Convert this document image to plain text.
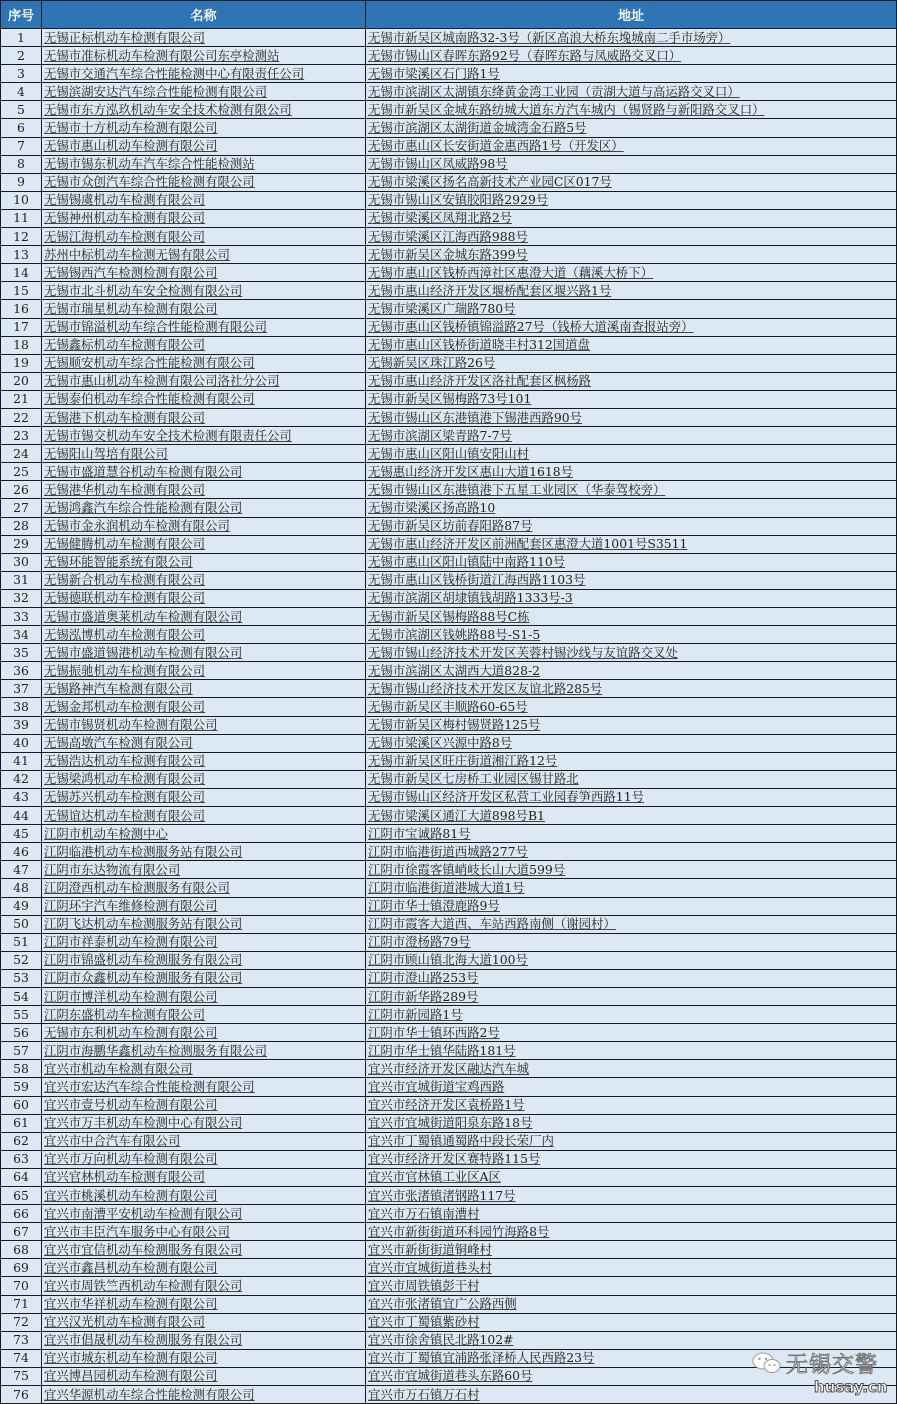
序号	名称	地址
1	无锡正标机动车检测有限公司	无锡市新吴区城南路32-3号（新区高浪大桥东堍城南二手市场旁）
2	无锡市准标机动车检测有限公司东亭检测站	无锡市锡山区春晖东路92号（春晖东路与凤威路交叉口）
3	无锡市交通汽车综合性能检测中心有限责任公司	无锡市梁溪区石门路1号
4	无锡滨湖安达汽车综合性能检测有限公司	无锡市滨湖区太湖镇东绛黄金湾工业园（贡湖大道与高运路交叉口）
5	无锡市东方泓玖机动车安全技术检测有限公司	无锡市新吴区金城东路纺城大道东方汽车城内（锡贤路与新阳路交叉口）
6	无锡市十方机动车检测有限公司	无锡市滨湖区太湖街道金城湾金石路5号
7	无锡市惠山机动车检测有限公司	无锡市惠山区长安街道金惠西路1号（开发区）
8	无锡市锡东机动车汽车综合性能检测站	无锡市锡山区凤威路98号
9	无锡市众创汽车综合性能检测有限公司	无锡市梁溪区扬名高新技术产业园C区017号
10	无锡锡虞机动车检测有限公司	无锡市锡山区安镇胶阳路2929号
11	无锡神州机动车检测有限公司	无锡市梁溪区凤翔北路2号
12	无锡江海机动车检测有限公司	无锡市梁溪区江海西路988号
13	苏州中标机动车检测无锡有限公司	无锡市新吴区金城东路399号
14	无锡锡西汽车检测检测有限公司	无锡市惠山区钱桥西漳社区惠澄大道（藕溪大桥下）
15	无锡市北斗机动车安全检测有限公司	无锡市惠山经济开发区堰桥配套区堰兴路1号
16	无锡市瑞星机动车检测有限公司	无锡市梁溪区广瑞路780号
17	无锡市锦溢机动车综合性能检测有限公司	无锡市惠山区钱桥镇锦溢路27号（钱桥大道溪南查报站旁）
18	无锡鑫标机动车检测有限公司	无锡市惠山区钱桥街道晓丰村312国道盘
19	无锡顺安机动车综合性能检测有限公司	无锡新吴区珠江路26号
20	无锡市惠山机动车检测有限公司洛社分公司	无锡市惠山经济开发区洛社配套区枫杨路
21	无锡泰伯机动车综合性能检测有限公司	无锡市新吴区锡梅路73号101
22	无锡港下机动车检测有限公司	无锡市锡山区东港镇港下锡港西路90号
23	无锡市锡交机动车安全技术检测有限责任公司	无锡市滨湖区梁青路7-7号
24	无锡阳山驾培有限公司	无锡市惠山区阳山镇安阳山村
25	无锡市盛道慧谷机动车检测有限公司	无锡惠山经济开发区惠山大道1618号
26	无锡港华机动车检测有限公司	无锡市锡山区东港镇港下五星工业园区（华泰驾校旁）
27	无锡鸿鑫汽车综合性能检测有限公司	无锡市梁溪区扬高路10
28	无锡市金永润机动车检测有限公司	无锡市新吴区坊前春阳路87号
29	无锡健腾机动车检测有限公司	无锡市惠山经济开发区前洲配套区惠澄大道1001号S3511
30	无锡环能智能系统有限公司	无锡市惠山区阳山镇陆中南路110号
31	无锡新合机动车检测有限公司	无锡市惠山区钱桥街道江海西路1103号
32	无锡德联机动车检测有限公司	无锡市滨湖区胡埭镇钱胡路1333号-3
33	无锡市盛道奥莱机动车检测有限公司	无锡市新吴区锡梅路88号C栋
34	无锡泓博机动车检测有限公司	无锡市滨湖区钱姚路88号-S1-5
35	无锡市盛道锡港机动车检测有限公司	无锡市锡山经济技术开发区芙蓉村锡沙线与友谊路交叉处
36	无锡振驰机动车检测有限公司	无锡市滨湖区太湖西大道828-2
37	无锡路神汽车检测有限公司	无锡市锡山经济技术开发区友谊北路285号
38	无锡金邦机动车检测有限公司	无锡市新吴区丰顺路60-65号
39	无锡市锡贤机动车检测有限公司	无锡市新吴区梅村锡贤路125号
40	无锡高墩汽车检测有限公司	无锡市梁溪区兴源中路8号
41	无锡浩达机动车检测有限公司	无锡市新吴区旺庄街道湘江路12号
42	无锡梁鸿机动车检测有限公司	无锡市新吴区七房桥工业园区锡甘路北
43	无锡苏兴机动车检测有限公司	无锡市锡山区经济开发区私营工业园春笋西路11号
44	无锡谊达机动车检测有限公司	无锡市梁溪区通江大道898号B1
45	江阴市机动车检测中心	江阴市宝诚路81号
46	江阴临港机动车检测服务站有限公司	江阴市临港街道西城路277号
47	江阴市东达物流有限公司	江阴市徐霞客镇峭岐长山大道599号
48	江阴澄西机动车检测服务有限公司	江阴市临港街道港城大道1号
49	江阴环宇汽车维修检测有限公司	江阴市华士镇澄鹿路9号
50	江阴飞达机动车检测服务站有限公司	江阴市霞客大道西、车站西路南侧（谢园村）
51	江阴市祥泰机动车检测有限公司	江阴市澄杨路79号
52	江阴市锦盛机动车检测服务有限公司	江阴市顾山镇北海大道100号
53	江阴市众鑫机动车检测服务有限公司	江阴市澄山路253号
54	江阴市博洋机动车检测有限公司	江阴市新华路289号
55	江阴东盛机动车检测有限公司	江阴市新园路1号
56	无锡市东利机动车检测有限公司	江阴市华士镇环西路2号
57	江阴市海鹏华鑫机动车检测服务有限公司	江阴市华士镇华陆路181号
58	宜兴市机动车检测有限公司	宜兴市经济开发区融达汽车城
59	宜兴市宏达汽车综合性能检测有限公司	宜兴市宜城街道宝鸡西路
60	宜兴市壹号机动车检测有限公司	宜兴市经济开发区袁桥路1号
61	宜兴市万丰机动车检测中心有限公司	宜兴市宜城街道阳泉东路18号
62	宜兴市中合汽车有限公司	宜兴市丁蜀镇通蜀路中段长荣厂内
63	宜兴市万向机动车检测有限公司	宜兴市经济开发区赛特路115号
64	宜兴官林机动车检测有限公司	宜兴市官林镇工业区A区
65	宜兴市桃溪机动车检测有限公司	宜兴市张渚镇渚钢路117号
66	宜兴市南漕平安机动车检测有限公司	宜兴市万石镇南漕村
67	宜兴市丰臣汽车服务中心有限公司	宜兴市新街街道环科园竹海路8号
68	宜兴市宜信机动车检测服务有限公司	宜兴市新街街道铜峰村
69	宜兴市鑫昌机动车检测有限公司	宜兴市宜城街道巷头村
70	宜兴市周铁竺西机动车检测有限公司	宜兴市周铁镇彭干村
71	宜兴市华祥机动车检测有限公司	宜兴市张渚镇宜广公路西侧
72	宜兴汉光机动车检测有限公司	宜兴市丁蜀镇紫砂村
73	宜兴市倡晟机动车检测服务有限公司	宜兴市徐舍镇民北路102#
74	宜兴市城东机动车检测有限公司	宜兴市丁蜀镇宜浦路张泽桥人民西路23号
75	宜兴博昌园机动车检测有限公司	宜兴市宜城街道巷头东路60号
76	宜兴华源机动车综合性能检测有限公司	宜兴市万石镇万石村
无锡交警
husay.cn
